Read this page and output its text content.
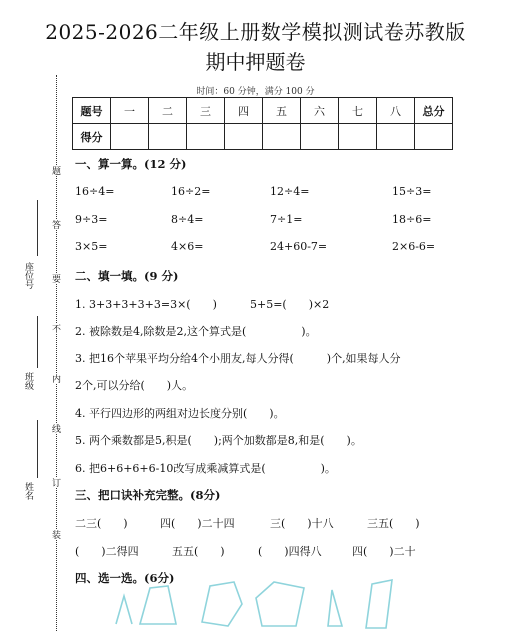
2025-2026二年级上册数学模拟测试卷苏教版
期中押题卷
时间：60 分钟，满分 100 分
题号	一	二	三	四	五	六	七	八	总分
得分									
题
答
要
不
内
线
订
装
座位号
班级
姓名
一、算一算。(12 分)
16÷4=	16÷2=	12÷4=	15÷3=
9÷3=	8÷4=	7÷1=	18÷6=
3×5=	4×6=	24+60-7=	2×6-6=
二、填一填。(9 分)
1. 3+3+3+3+3=3×(　　)	5+5=(　　)×2
2. 被除数是4,除数是2,这个算式是(　　　　　)。
3. 把16个苹果平均分给4个小朋友,每人分得(　　　)个,如果每人分
2个,可以分给(　　)人。
4. 平行四边形的两组对边长度分别(　　)。
5. 两个乘数都是5,积是(　　);两个加数都是8,和是(　　)。
6. 把6+6+6+6-10改写成乘减算式是(　　　　　)。
三、把口诀补充完整。(8分)
二三(　　)	四(　　)二十四	三(　　)十八	三五(　　)
(　　)二得四	五五(　　)	(　　)四得八	四(　　)二十
四、选一选。(6分)
